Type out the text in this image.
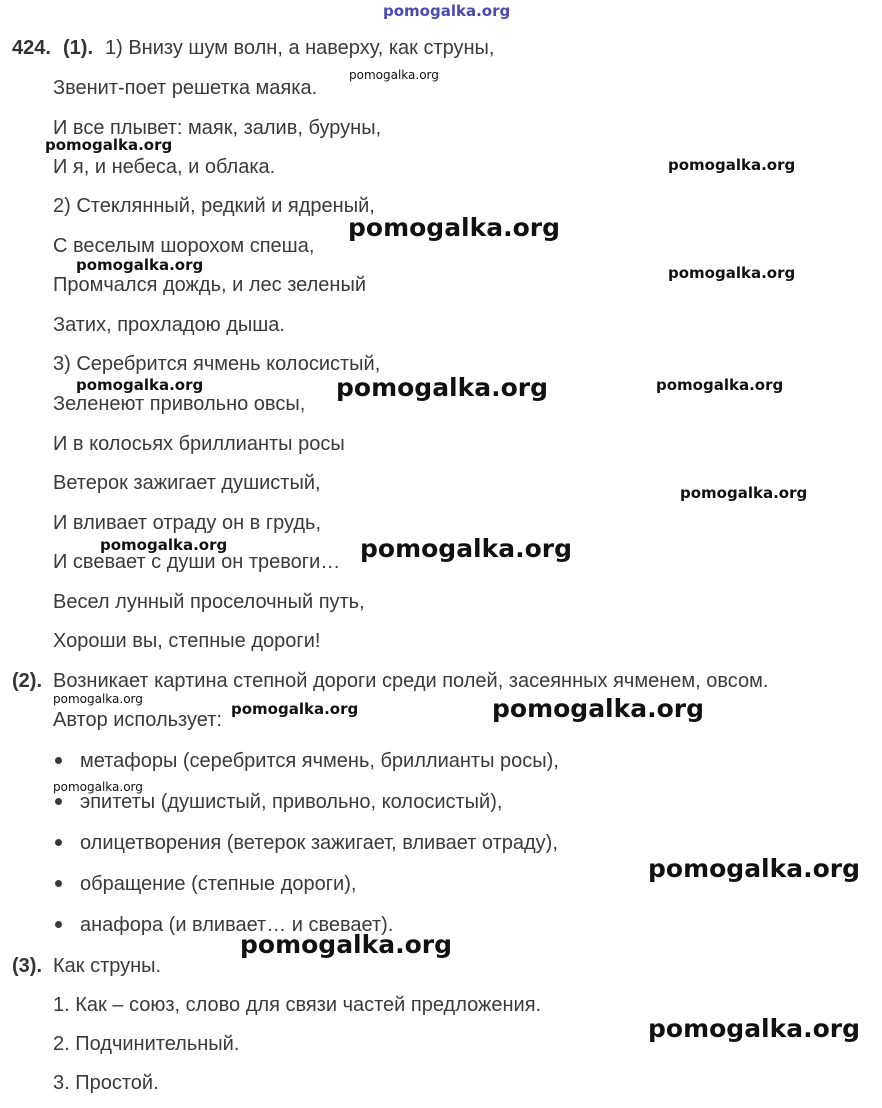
pomogalka.org
424. (1). 1) Внизу шум волн, а наверху, как струны,
Звенит-поет решетка маяка.
И все плывет: маяк, залив, буруны,
И я, и небеса, и облака.
2) Стеклянный, редкий и ядреный,
С веселым шорохом спеша,
Промчался дождь, и лес зеленый
Затих, прохладою дыша.
3) Серебрится ячмень колосистый,
Зеленеют привольно овсы,
И в колосьях бриллианты росы
Ветерок зажигает душистый,
И вливает отраду он в грудь,
И свевает с души он тревоги…
Весел лунный проселочный путь,
Хороши вы, степные дороги!
(2). Возникает картина степной дороги среди полей, засеянных ячменем, овсом.
Автор использует:
метафоры (серебрится ячмень, бриллианты росы),
эпитеты (душистый, привольно, колосистый),
олицетворения (ветерок зажигает, вливает отраду),
обращение (степные дороги),
анафора (и вливает… и свевает).
(3). Как струны.
1. Как – союз, слово для связи частей предложения.
2. Подчинительный.
3. Простой.
pomogalka.org
pomogalka.org
pomogalka.org
pomogalka.org
pomogalka.org	pomogalka.org
pomogalka.org	pomogalka.org	pomogalka.org
pomogalka.org
pomogalka.org	pomogalka.org
pomogalka.org
pomogalka.org	pomogalka.org
pomogalka.org
pomogalka.org
pomogalka.org
pomogalka.org
